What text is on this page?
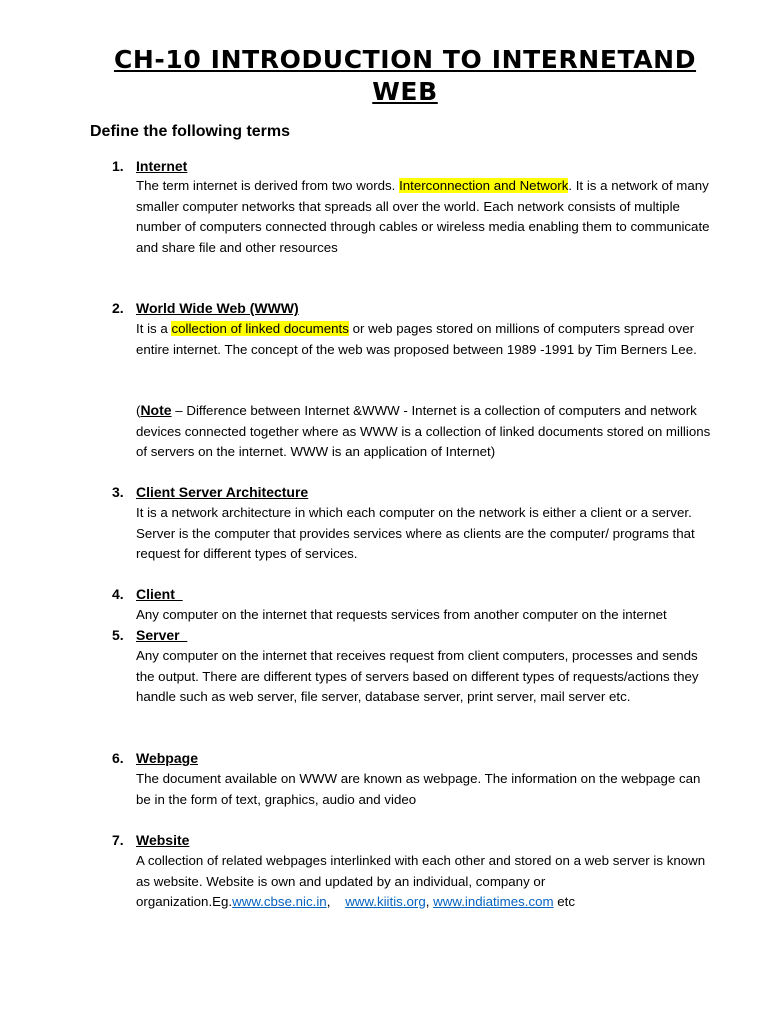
CH-10 INTRODUCTION TO INTERNETAND WEB
Define the following terms
1. Internet
The term internet is derived from two words. Interconnection and Network. It is a network of many smaller computer networks that spreads all over the world. Each network consists of multiple number of computers connected through cables or wireless media enabling them to communicate and share file and other resources
2. World Wide Web (WWW)
It is a collection of linked documents or web pages stored on millions of computers spread over entire internet. The concept of the web was proposed between 1989 -1991 by Tim Berners Lee.
(Note – Difference between Internet &WWW - Internet is a collection of computers and network devices connected together where as WWW is a collection of linked documents stored on millions of servers on the internet. WWW is an application of Internet)
3. Client Server Architecture
It is a network architecture in which each computer on the network is either a client or a server. Server is the computer that provides services where as clients are the computer/ programs that request for different types of services.
4. Client
Any computer on the internet that requests services from another computer on the internet
5. Server
Any computer on the internet that receives request from client computers, processes and sends the output. There are different types of servers based on different types of requests/actions they handle such as web server, file server, database server, print server, mail server etc.
6. Webpage
The document available on WWW are known as webpage. The information on the webpage can be in the form of text, graphics, audio and video
7. Website
A collection of related webpages interlinked with each other and stored on a web server is known as website. Website is own and updated by an individual, company or organization.Eg.www.cbse.nic.in,    www.kiitis.org, www.indiatimes.com etc
